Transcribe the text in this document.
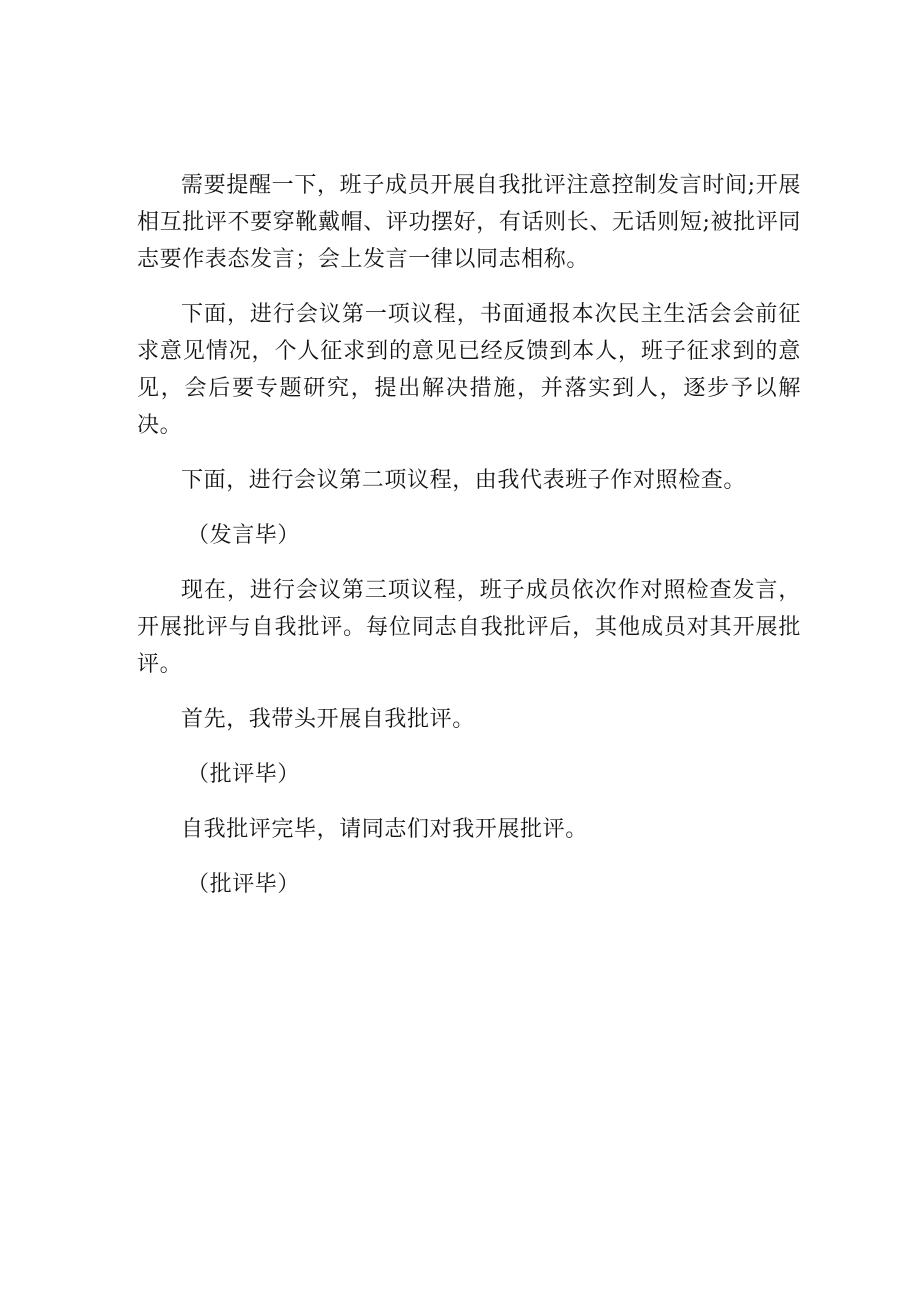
需要提醒一下，班子成员开展自我批评注意控制发言时间;开展相互批评不要穿靴戴帽、评功摆好，有话则长、无话则短;被批评同志要作表态发言；会上发言一律以同志相称。

下面，进行会议第一项议程，书面通报本次民主生活会会前征求意见情况，个人征求到的意见已经反馈到本人，班子征求到的意见，会后要专题研究，提出解决措施，并落实到人，逐步予以解决。

下面，进行会议第二项议程，由我代表班子作对照检查。

（发言毕）

现在，进行会议第三项议程，班子成员依次作对照检查发言，开展批评与自我批评。每位同志自我批评后，其他成员对其开展批评。

首先，我带头开展自我批评。

（批评毕）

自我批评完毕，请同志们对我开展批评。

（批评毕）
